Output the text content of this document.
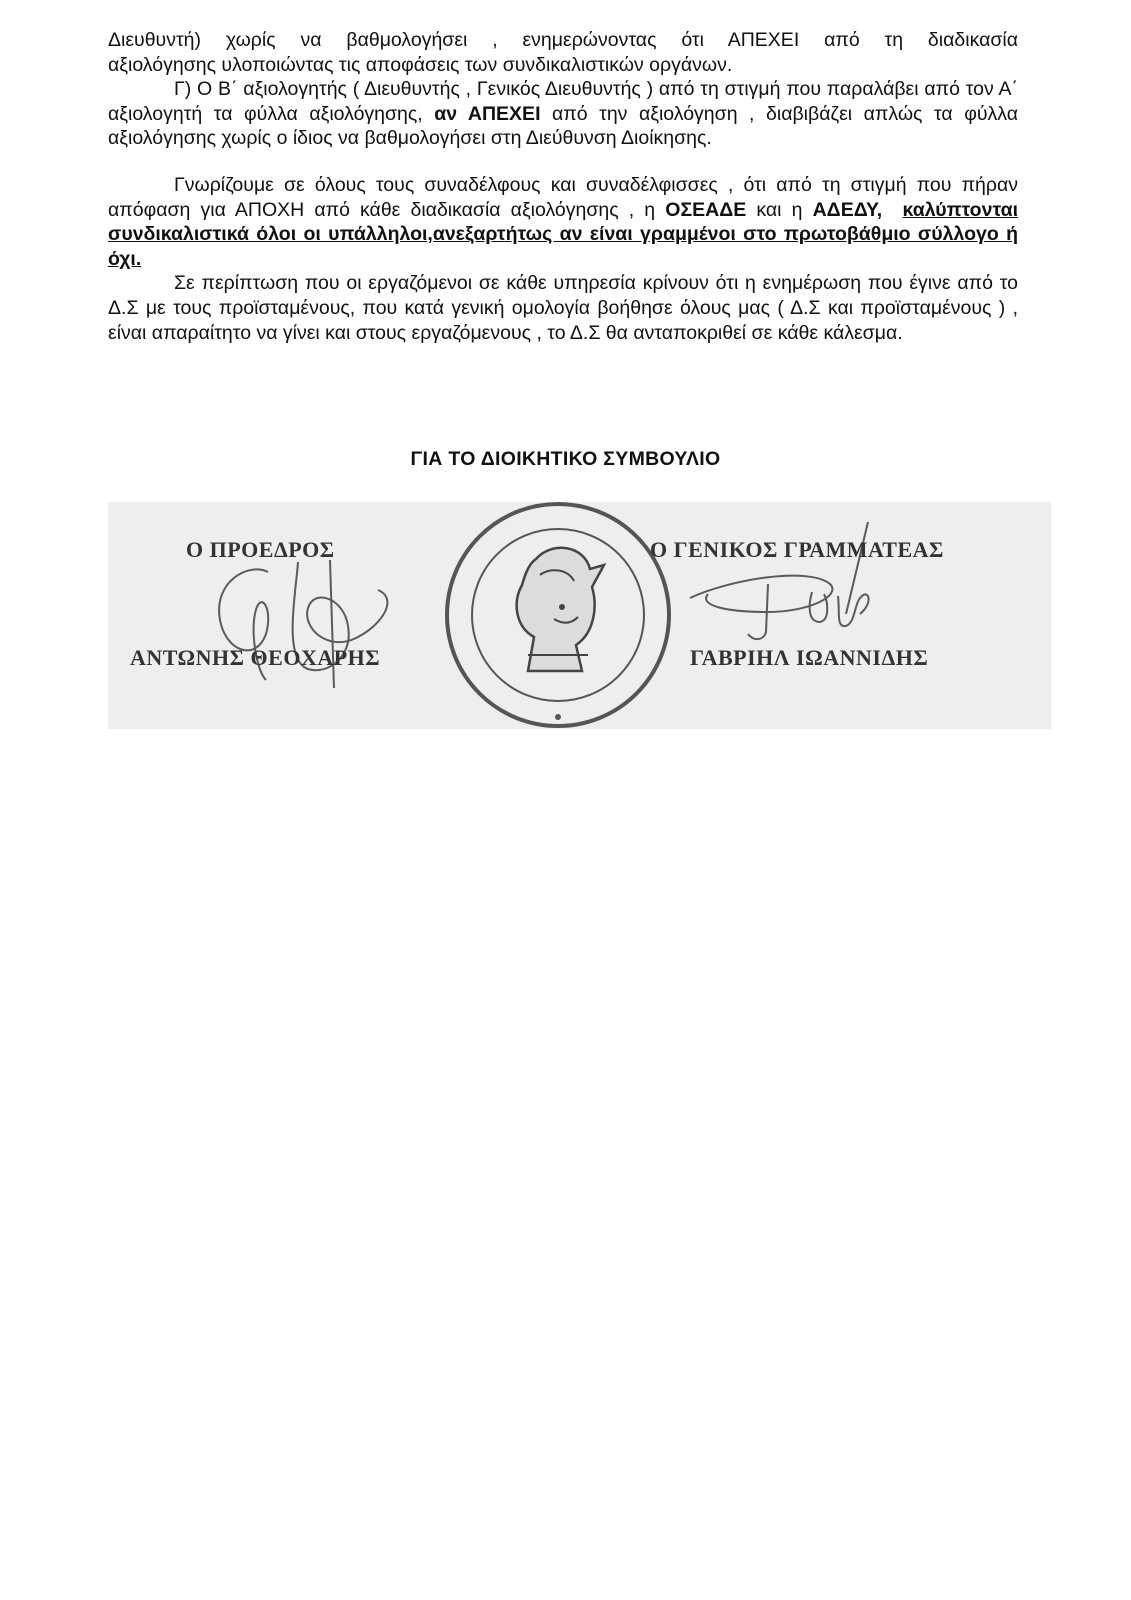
Διευθυντή) χωρίς να βαθμολογήσει , ενημερώνοντας ότι ΑΠΕΧΕΙ από τη διαδικασία
αξιολόγησης υλοποιώντας τις αποφάσεις των συνδικαλιστικών οργάνων.
Γ) Ο Β΄ αξιολογητής ( Διευθυντής , Γενικός Διευθυντής ) από τη στιγμή που παραλάβει από τον Α΄ αξιολογητή τα φύλλα αξιολόγησης, αν ΑΠΕΧΕΙ από την αξιολόγηση , διαβιβάζει απλώς τα φύλλα αξιολόγησης χωρίς ο ίδιος να βαθμολογήσει στη Διεύθυνση Διοίκησης.
Γνωρίζουμε σε όλους τους συναδέλφους και συναδέλφισσες , ότι από τη στιγμή που πήραν απόφαση για ΑΠΟΧΗ από κάθε διαδικασία αξιολόγησης , η ΟΣΕΑΔΕ και η ΑΔΕΔΥ, καλύπτονται συνδικαλιστικά όλοι οι υπάλληλοι,ανεξαρτήτως αν είναι γραμμένοι στο πρωτοβάθμιο σύλλογο ή όχι.
Σε περίπτωση που οι εργαζόμενοι σε κάθε υπηρεσία κρίνουν ότι η ενημέρωση που έγινε από το Δ.Σ με τους προϊσταμένους, που κατά γενική ομολογία βοήθησε όλους μας ( Δ.Σ και προϊσταμένους ) , είναι απαραίτητο να γίνει και στους εργαζόμενους , το Δ.Σ θα ανταποκριθεί σε κάθε κάλεσμα.
ΓΙΑ ΤΟ ΔΙΟΙΚΗΤΙΚΟ ΣΥΜΒΟΥΛΙΟ
Ο ΠΡΟΕΔΡΟΣ
ΑΝΤΩΝΗΣ ΘΕΟΧΑΡΗΣ
Ο ΓΕΝΙΚΟΣ ΓΡΑΜΜΑΤΕΑΣ
ΓΑΒΡΙΗΛ ΙΩΑΝΝΙΔΗΣ
